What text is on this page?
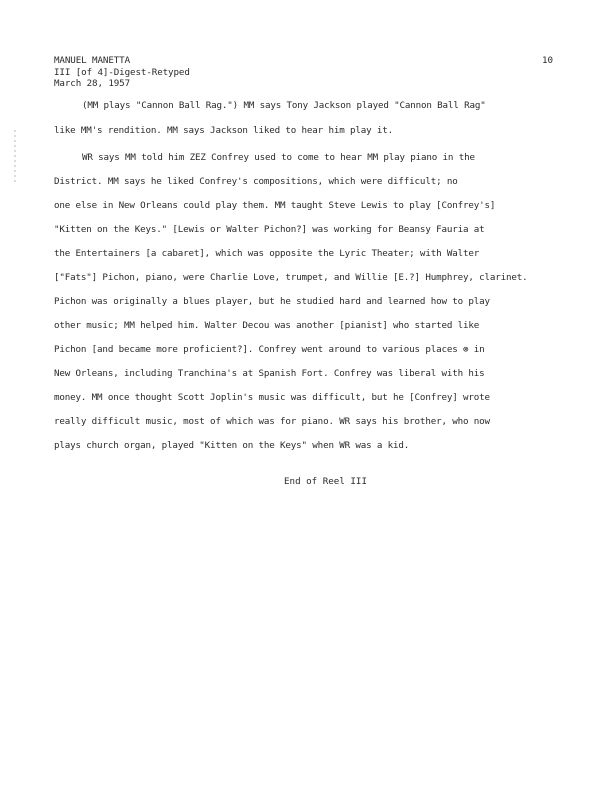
MANUEL MANETTA
III [of 4]-Digest-Retyped
March 28, 1957
10
(MM plays "Cannon Ball Rag.") MM says Tony Jackson played "Cannon Ball Rag"
like MM's rendition. MM says Jackson liked to hear him play it.
WR says MM told him ZEZ Confrey used to come to hear MM play piano in the
District. MM says he liked Confrey's compositions, which were difficult; no
one else in New Orleans could play them. MM taught Steve Lewis to play [Confrey's]
"Kitten on the Keys." [Lewis or Walter Pichon?] was working for Beansy Fauria at
the Entertainers [a cabaret], which was opposite the Lyric Theater; with Walter
["Fats"] Pichon, piano, were Charlie Love, trumpet, and Willie [E.?] Humphrey, clarinet.
Pichon was originally a blues player, but he studied hard and learned how to play
other music; MM helped him. Walter Decou was another [pianist] who started like
Pichon [and became more proficient?]. Confrey went around to various places ⊗ in
New Orleans, including Tranchina's at Spanish Fort. Confrey was liberal with his
money. MM once thought Scott Joplin's music was difficult, but he [Confrey] wrote
really difficult music, most of which was for piano. WR says his brother, who now
plays church organ, played "Kitten on the Keys" when WR was a kid.
End of Reel III
